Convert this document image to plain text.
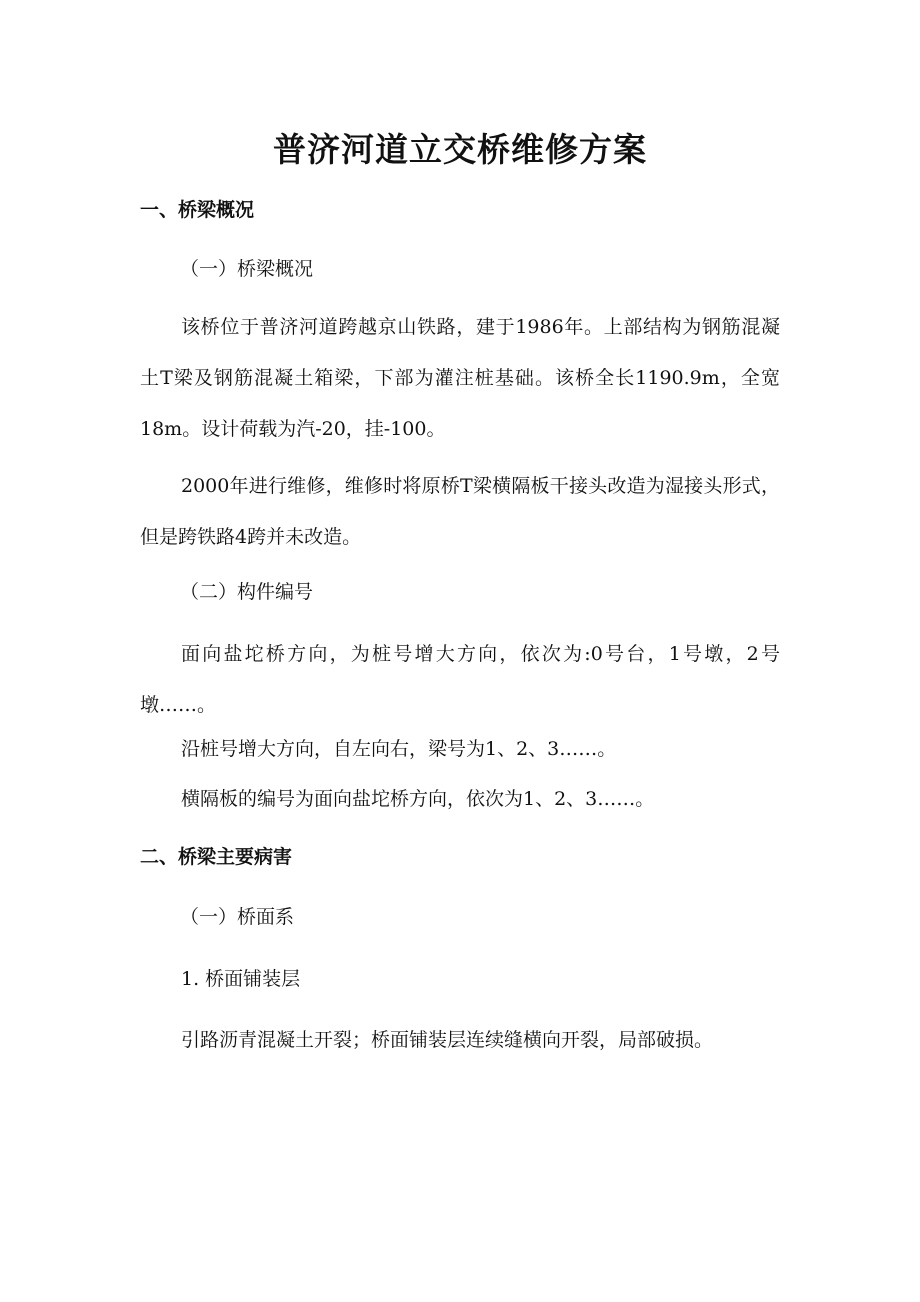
普济河道立交桥维修方案
一、桥梁概况
（一）桥梁概况
该桥位于普济河道跨越京山铁路，建于1986年。上部结构为钢筋混凝土T梁及钢筋混凝土箱梁，下部为灌注桩基础。该桥全长1190.9m，全宽18m。设计荷载为汽-20，挂-100。
2000年进行维修，维修时将原桥T梁横隔板干接头改造为湿接头形式，但是跨铁路4跨并未改造。
（二）构件编号
面向盐坨桥方向，为桩号增大方向，依次为:0号台，1号墩，2号墩……。
沿桩号增大方向，自左向右，梁号为1、2、3……。
横隔板的编号为面向盐坨桥方向，依次为1、2、3……。
二、桥梁主要病害
（一）桥面系
1. 桥面铺装层
引路沥青混凝土开裂；桥面铺装层连续缝横向开裂，局部破损。
